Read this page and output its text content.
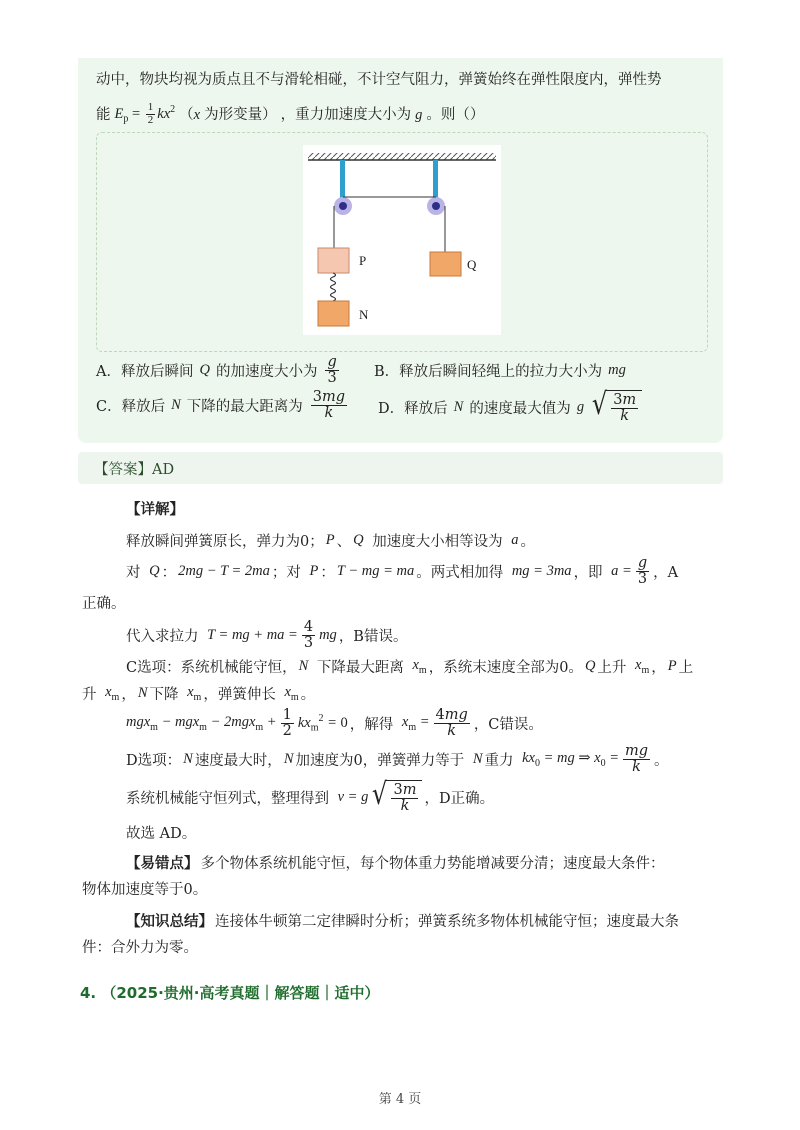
动中，物块均视为质点且不与滑轮相碰，不计空气阻力，弹簧始终在弹性限度内，弹性势
能 $E_p = \frac{1}{2} kx^2$ （x 为形变量） ，重力加速度大小为 g 。则（）
P
N
Q
A．释放后瞬间 Q 的加速度大小为 $\frac{g}{3}$ B．释放后瞬间轻绳上的拉力大小为 mg
C．释放后 N 下降的最大距离为 $\frac{3mg}{k}$ D．释放后 N 的速度最大值为 g √ $\frac{3m}{k}$
【答案】AD
【详解】
释放瞬间弹簧原长，弹力为0； P 、 Q
加速度大小相等设为
a 。
对
Q ： 2mg − T = 2ma ；对
P ： T − mg = ma 。两式相加得
mg = 3ma ，即
$a = \frac{g}{3}$ ，A
正确。
代入求拉力
T = mg + ma = $\frac{4}{3}$ mg ，B错误。
C选项：系统机械能守恒， N
下降最大距离
$x_m$ ，系统末速度全部为0。 Q 上升
$x_m$ ， P 上
升
$x_m$ ， N 下降
$x_m$ ，弹簧伸长
$x_m$ 。
$mgx_m - mgx_m - 2mgx_m + \frac{1}{2} kx_m^2 = 0$ ，解得
$x_m = \frac{4mg}{k}$ ，C错误。
D选项： N 速度最大时， N 加速度为0，弹簧弹力等于
N 重力
$kx_0$ = mg ⇒ $x_0 = \frac{mg}{k}$ 。
系统机械能守恒列式，整理得到
v = g √ $\frac{3m}{k}$ ，D正确。
故选 AD。
【易错点】 多个物体系统机能守恒，每个物体重力势能增减要分清；速度最大条件：
物体加速度等于0。
【知识总结】 连接体牛顿第二定律瞬时分析；弹簧系统多物体机械能守恒；速度最大条
件：合外力为零。
4. （2025·贵州·高考真题｜解答题｜适中）
第 4 页
